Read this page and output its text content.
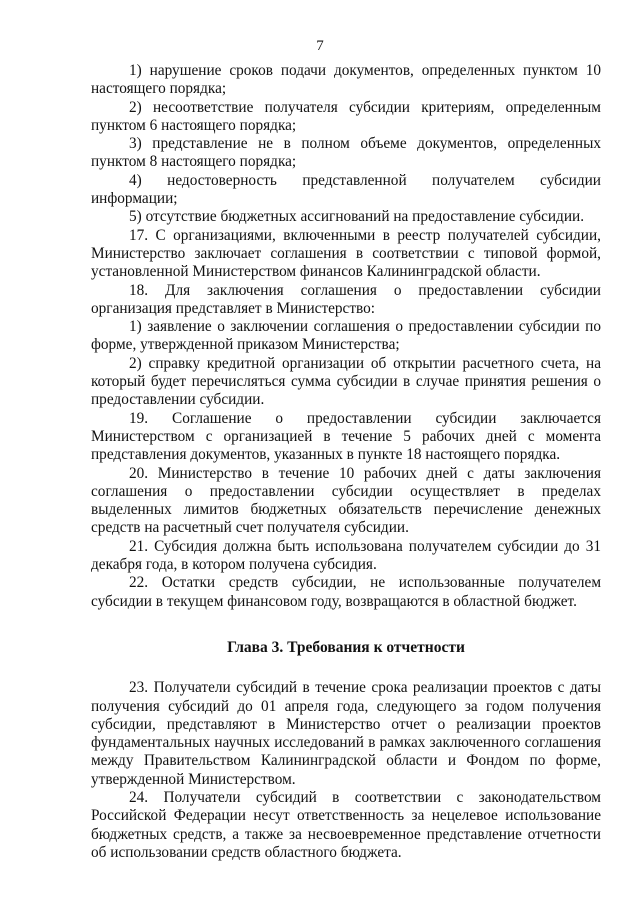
7

1) нарушение сроков подачи документов, определенных пунктом 10 настоящего порядка;

2) несоответствие получателя субсидии критериям, определенным пунктом 6 настоящего порядка;

3) представление не в полном объеме документов, определенных пунктом 8 настоящего порядка;

4) недостоверность представленной получателем субсидии информации;

5) отсутствие бюджетных ассигнований на предоставление субсидии.

17. С организациями, включенными в реестр получателей субсидии, Министерство заключает соглашения в соответствии с типовой формой, установленной Министерством финансов Калининградской области.

18. Для заключения соглашения о предоставлении субсидии организация представляет в Министерство:

1) заявление о заключении соглашения о предоставлении субсидии по форме, утвержденной приказом Министерства;

2) справку кредитной организации об открытии расчетного счета, на который будет перечисляться сумма субсидии в случае принятия решения о предоставлении субсидии.

19. Соглашение о предоставлении субсидии заключается Министерством с организацией в течение 5 рабочих дней с момента представления документов, указанных в пункте 18 настоящего порядка.

20. Министерство в течение 10 рабочих дней с даты заключения соглашения о предоставлении субсидии осуществляет в пределах выделенных лимитов бюджетных обязательств перечисление денежных средств на расчетный счет получателя субсидии.

21. Субсидия должна быть использована получателем субсидии до 31 декабря года, в котором получена субсидия.

22. Остатки средств субсидии, не использованные получателем субсидии в текущем финансовом году, возвращаются в областной бюджет.

Глава 3. Требования к отчетности

23. Получатели субсидий в течение срока реализации проектов с даты получения субсидий до 01 апреля года, следующего за годом получения субсидии, представляют в Министерство отчет о реализации проектов фундаментальных научных исследований в рамках заключенного соглашения между Правительством Калининградской области и Фондом по форме, утвержденной Министерством.

24. Получатели субсидий в соответствии с законодательством Российской Федерации несут ответственность за нецелевое использование бюджетных средств, а также за несвоевременное представление отчетности об использовании средств областного бюджета.
